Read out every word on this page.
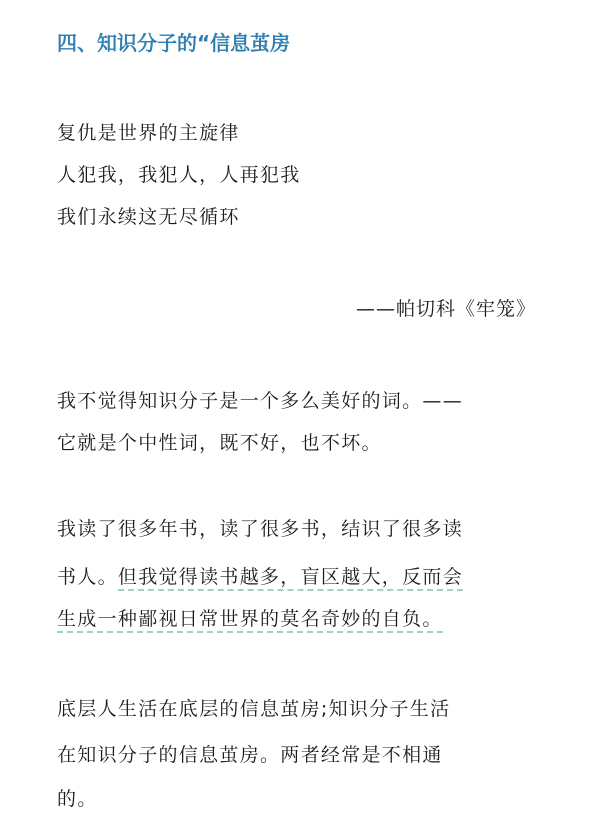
四、知识分子的“信息茧房
复仇是世界的主旋律
人犯我，我犯人，人再犯我
我们永续这无尽循环
——帕切科《牢笼》
我不觉得知识分子是一个多么美好的词。——
它就是个中性词，既不好，也不坏。
我读了很多年书，读了很多书，结识了很多读
书人。但我觉得读书越多，盲区越大，反而会
生成一种鄙视日常世界的莫名奇妙的自负。
底层人生活在底层的信息茧房;知识分子生活
在知识分子的信息茧房。两者经常是不相通
的。
